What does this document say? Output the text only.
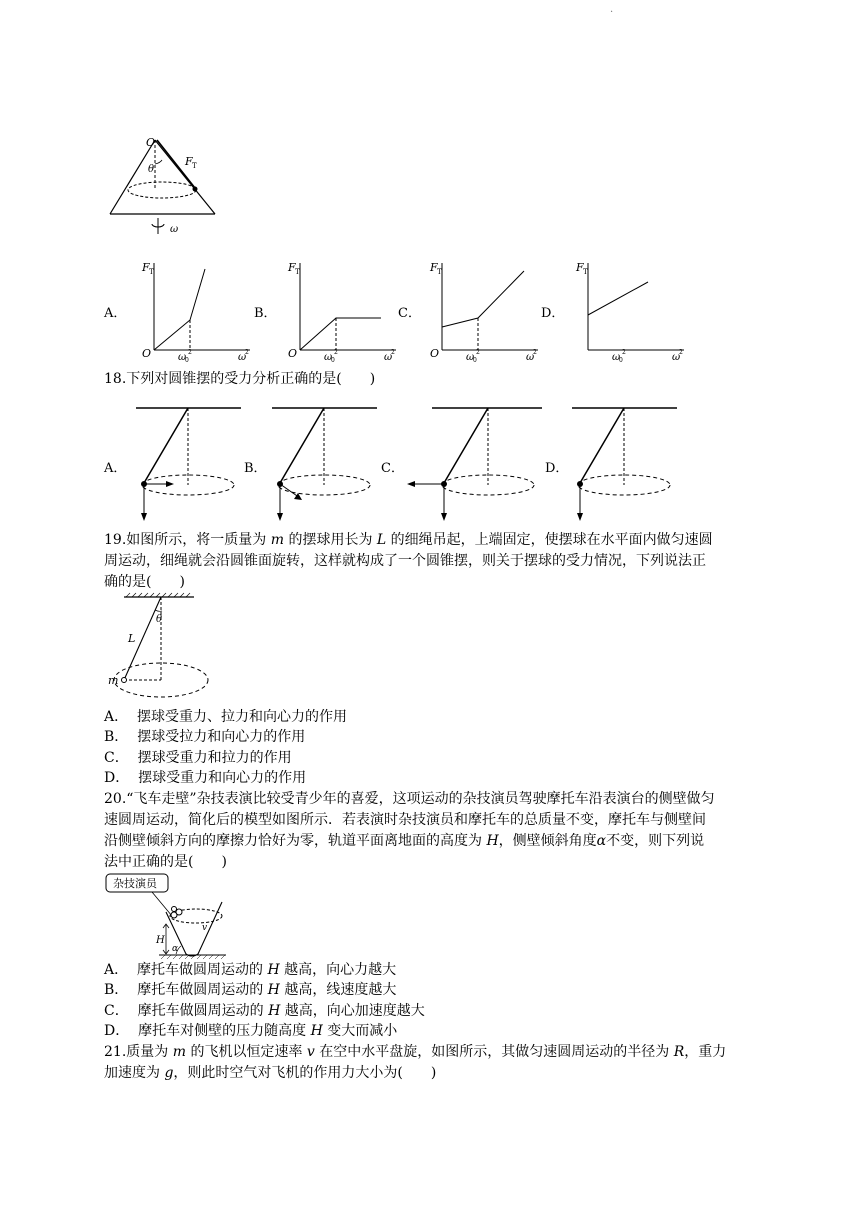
.
O
θ
F T
ω
A．
F T
O	ω
0
2	ω
2
B．
F T
O	ω
0
2	ω
2
C．
F T
O	ω
0
2	ω
2
D．
F T
ω
0
2	ω
2
18.下列对圆锥摆的受力分析正确的是(　　)
A．	B．	C．	D．
19.如图所示，将一质量为 m 的摆球用长为 L 的细绳吊起，上端固定，使摆球在水平面内做匀速圆
周运动，细绳就会沿圆锥面旋转，这样就构成了一个圆锥摆，则关于摆球的受力情况，下列说法正
确的是(　　)
L
θ
m
A． 摆球受重力、拉力和向心力的作用
B． 摆球受拉力和向心力的作用
C． 摆球受重力和拉力的作用
D． 摆球受重力和向心力的作用
20.“飞车走壁”杂技表演比较受青少年的喜爱，这项运动的杂技演员驾驶摩托车沿表演台的侧壁做匀
速圆周运动，简化后的模型如图所示．若表演时杂技演员和摩托车的总质量不变，摩托车与侧壁间
沿侧壁倾斜方向的摩擦力恰好为零，轨道平面离地面的高度为 H，侧壁倾斜角度α不变，则下列说
法中正确的是(　　)
杂技演员
H
α
v
A． 摩托车做圆周运动的 H 越高，向心力越大
B． 摩托车做圆周运动的 H 越高，线速度越大
C． 摩托车做圆周运动的 H 越高，向心加速度越大
D． 摩托车对侧壁的压力随高度 H 变大而减小
21.质量为 m 的飞机以恒定速率 v 在空中水平盘旋，如图所示，其做匀速圆周运动的半径为 R，重力
加速度为 g，则此时空气对飞机的作用力大小为(　　)
